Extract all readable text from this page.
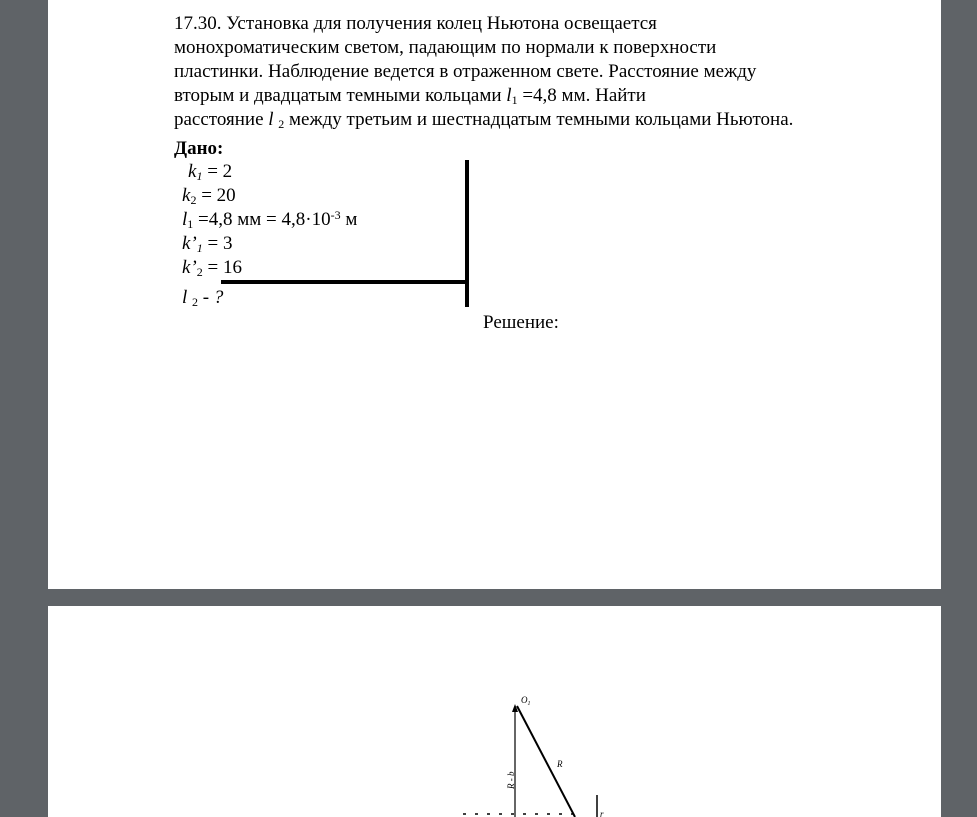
17.30. Установка для получения колец Ньютона освещается

монохроматическим светом, падающим по нормали к поверхности

пластинки. Наблюдение ведется в отраженном свете. Расстояние между

вторым и двадцатым темными кольцами $l_1 =4,8$ мм. Найти

расстояние l $_2$ между третьим и шестнадцатым темными кольцами Ньютона.

Дано:
$k_1 = 2$
$k_2 = 20$
$l_1 =4,8$ мм = $4,8\cdot 10^{-3}$ м
$k’_1 = 3$
$k’_2 = 16$
l $_2$ - ?
Решение:
$O_1$
R
R - b
r
